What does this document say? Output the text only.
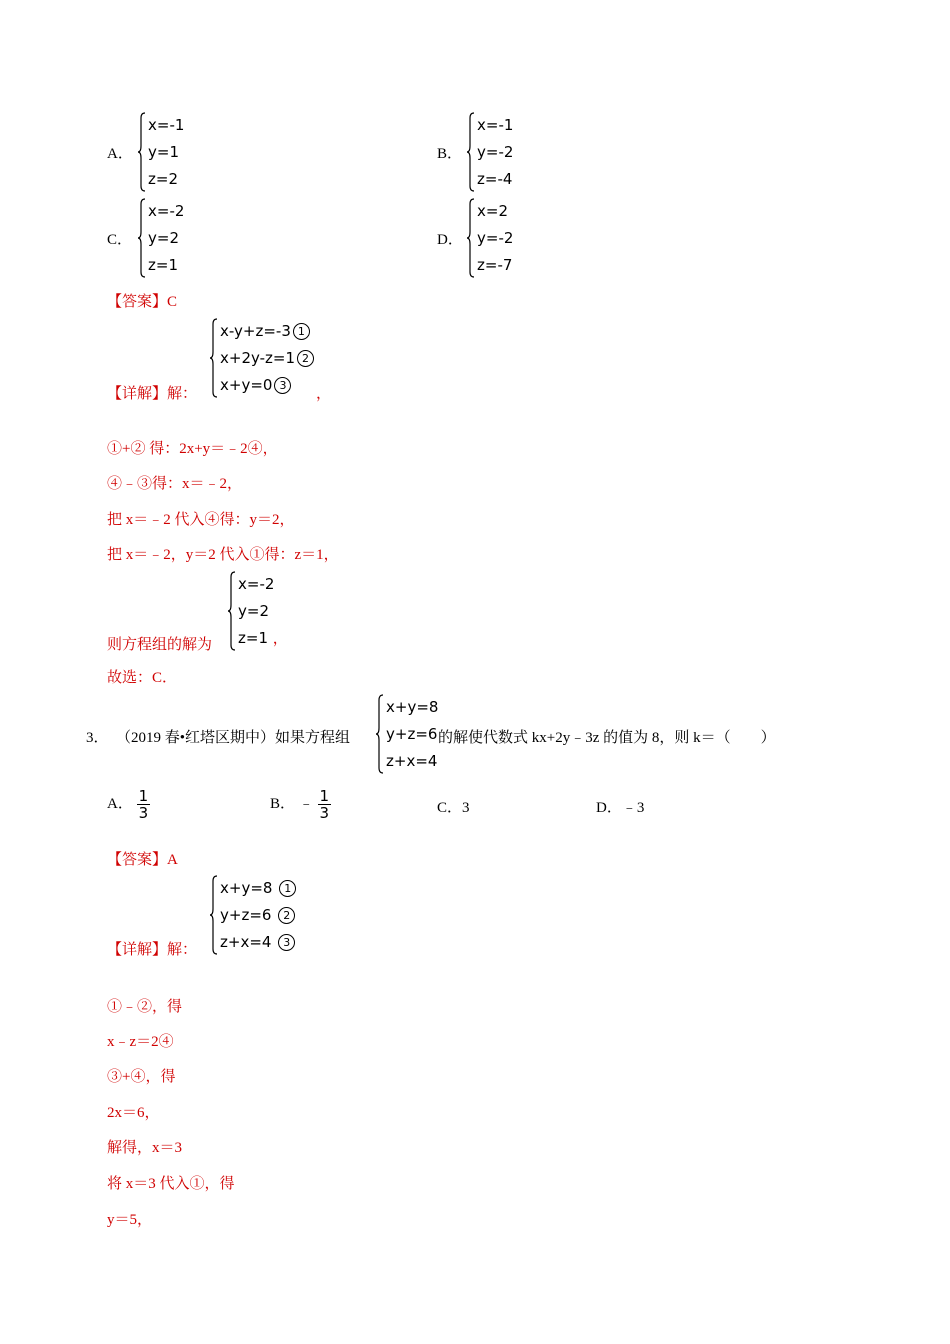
A．
x=-1
y=1
z=2
B．
x=-1
y=-2
z=-4
C．
x=-2
y=2
z=1
D．
x=2
y=-2
z=-7
【答案】C
【详解】解：
x-y+z=-3 1
x+2y-z=1 2
x+y=0 3
，
①+② 得：2x+y＝﹣2④，
④﹣③得：x＝﹣2，
把 x＝﹣2 代入④得：y＝2，
把 x＝﹣2，y＝2 代入①得：z＝1，
则方程组的解为
x=-2
y=2
z=1 ，
故选：C．
3． （2019 春•红塔区期中）如果方程组
x+y=8
y+z=6
z+x=4
的解使代数式 kx+2y﹣3z 的值为 8，则 k＝（　　）
A． $\frac{1}{3}$	B． ﹣ $\frac{1}{3}$	C．3	D．﹣3
【答案】A
【详解】解：
x+y=8 1
y+z=6 2
z+x=4 3
①﹣②，得
x﹣z＝2④
③+④，得
2x＝6，
解得，x＝3
将 x＝3 代入①，得
y＝5，
